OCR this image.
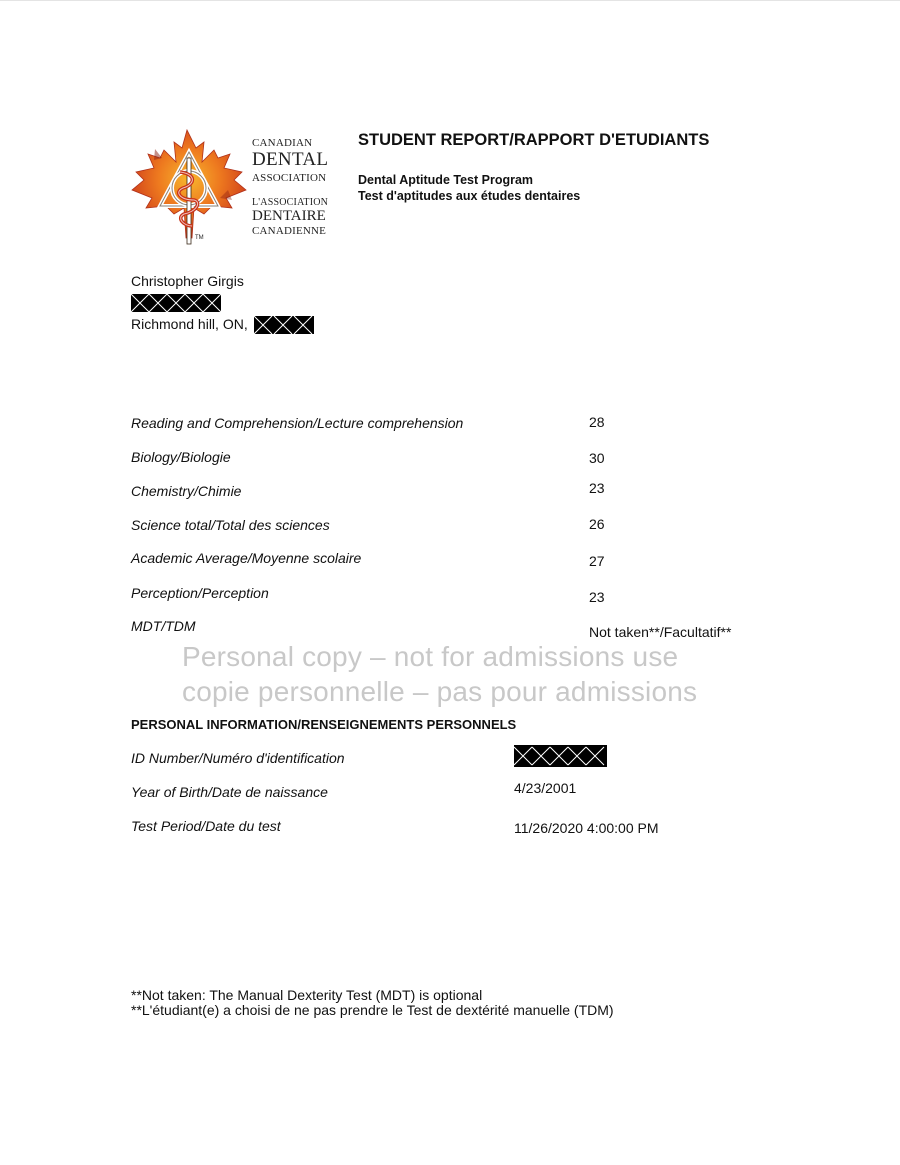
TM
CANADIAN
DENTAL
ASSOCIATION
L'ASSOCIATION
DENTAIRE
CANADIENNE
STUDENT REPORT/RAPPORT D'ETUDIANTS
Dental Aptitude Test Program
Test d'aptitudes aux études dentaires
Christopher Girgis
Richmond hill, ON,
Reading and Comprehension/Lecture comprehension	28
Biology/Biologie	30
Chemistry/Chimie	23
Science total/Total des sciences	26
Academic Average/Moyenne scolaire	27
Perception/Perception	23
MDT/TDM	Not taken**/Facultatif**
Personal copy – not for admissions use
copie personnelle – pas pour admissions
PERSONAL INFORMATION/RENSEIGNEMENTS PERSONNELS
ID Number/Numéro d'identification
Year of Birth/Date de naissance	4/23/2001
Test Period/Date du test	11/26/2020 4:00:00 PM
**Not taken: The Manual Dexterity Test (MDT) is optional
**L'étudiant(e) a choisi de ne pas prendre le Test de dextérité manuelle (TDM)
